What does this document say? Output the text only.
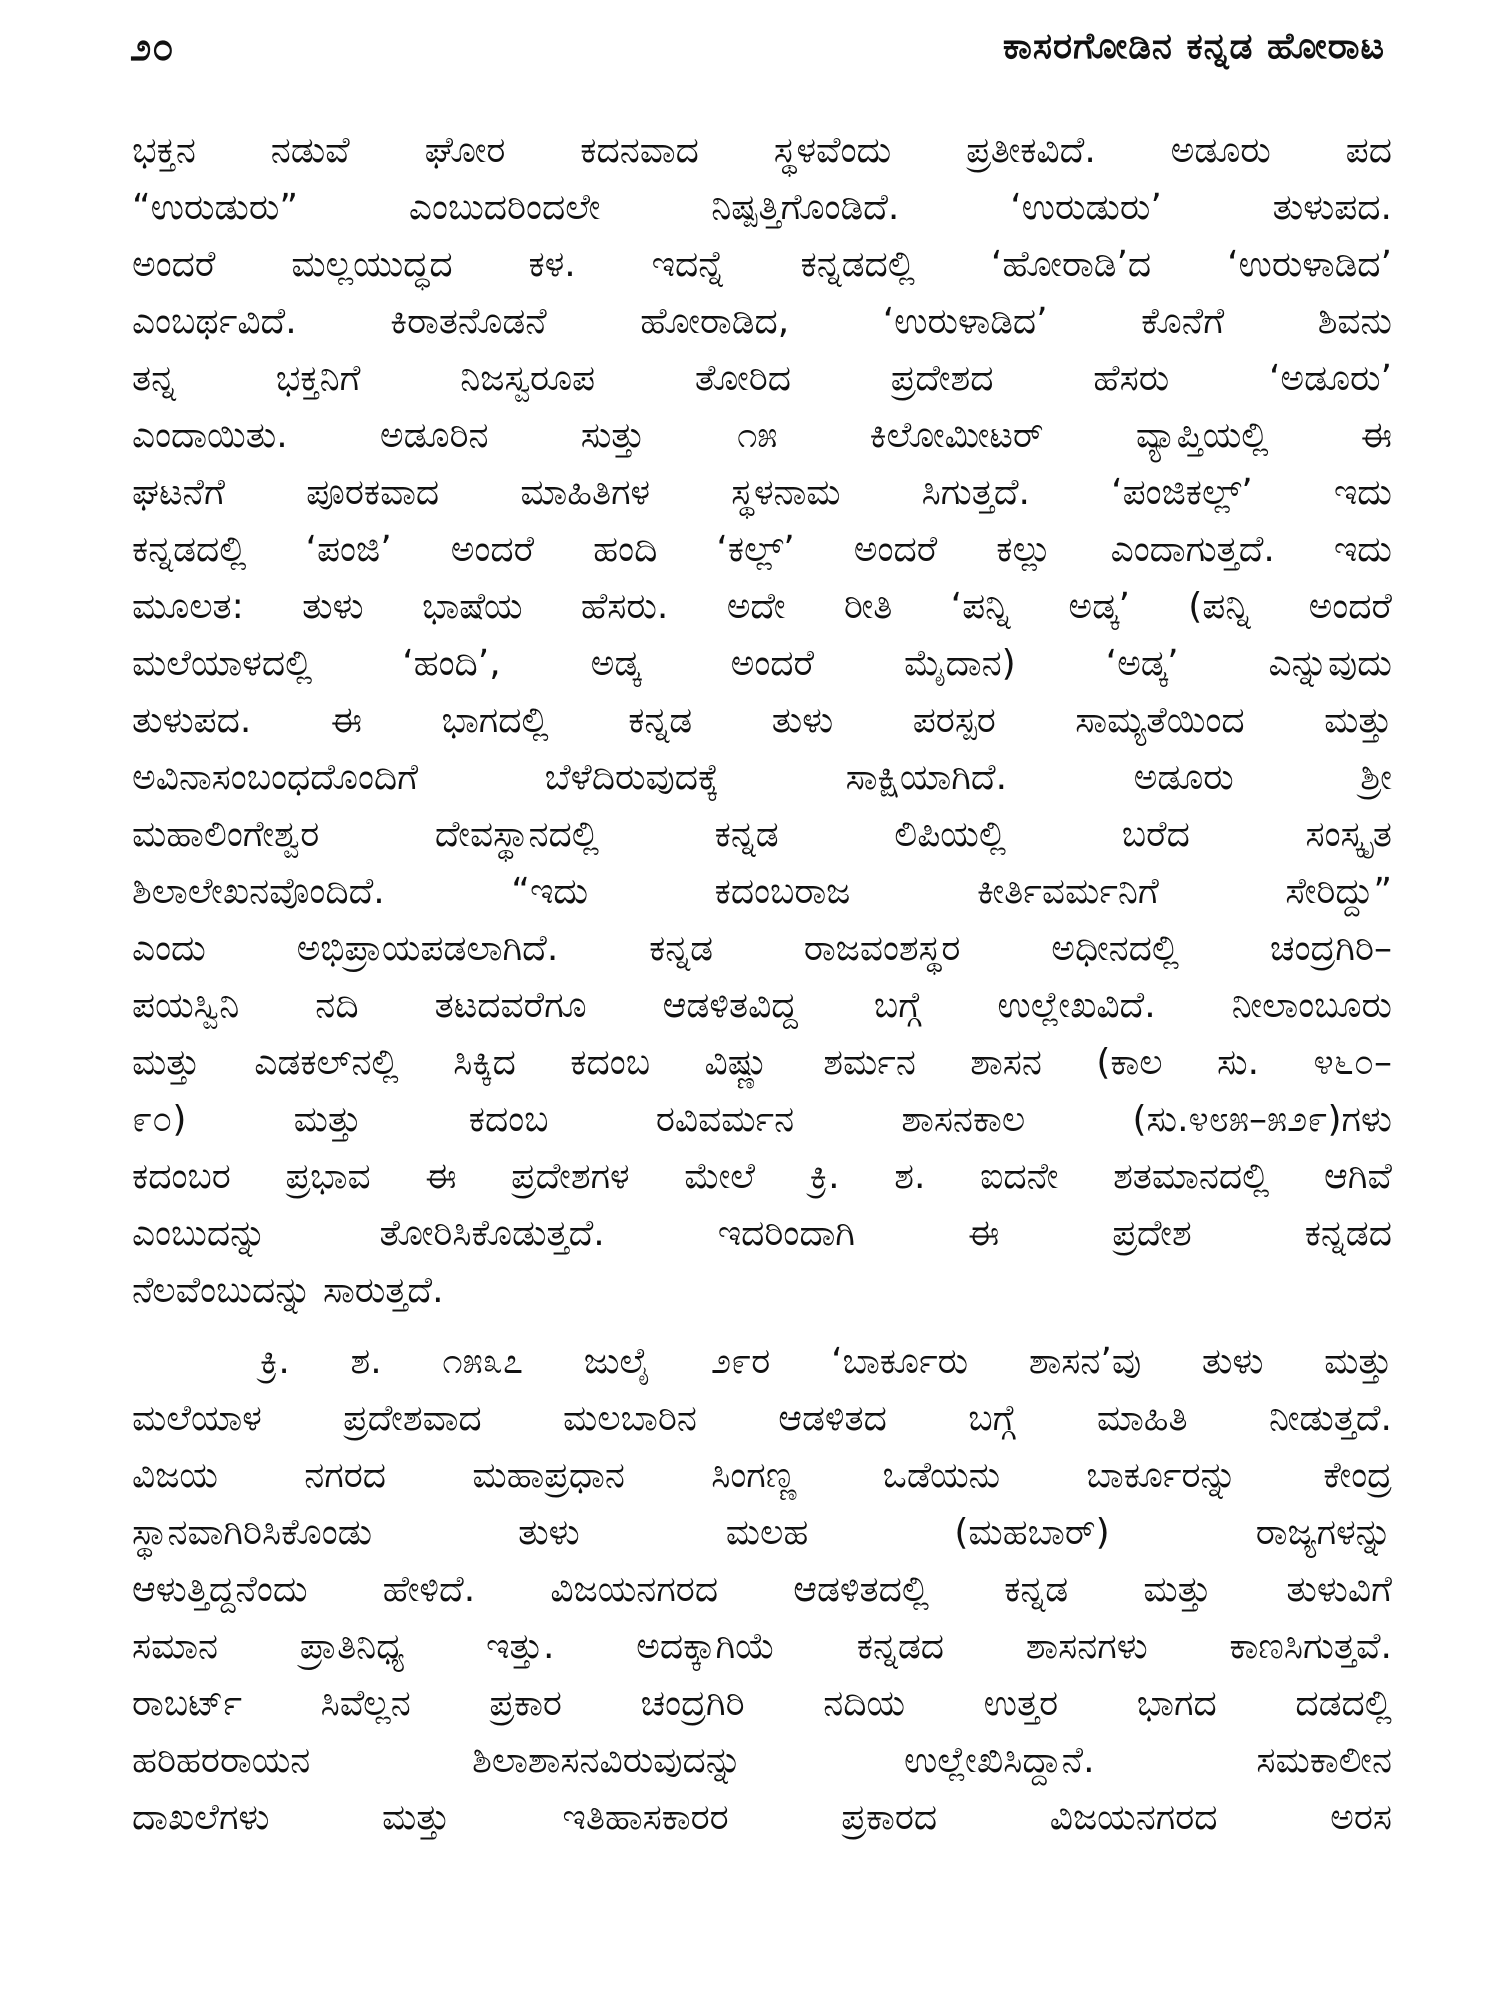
೨೦	ಕಾಸರಗೋಡಿನ ಕನ್ನಡ ಹೋರಾಟ
ಭಕ್ತನ ನಡುವೆ ಘೋರ ಕದನವಾದ ಸ್ಥಳವೆಂದು ಪ್ರತೀಕವಿದೆ. ಅಡೂರು ಪದ
“ಉರುಡುರು” ಎಂಬುದರಿಂದಲೇ ನಿಷ್ಪತ್ತಿಗೊಂಡಿದೆ. ‘ಉರುಡುರು’ ತುಳುಪದ.
ಅಂದರೆ ಮಲ್ಲಯುದ್ಧದ ಕಳ. ಇದನ್ನೆ ಕನ್ನಡದಲ್ಲಿ ‘ಹೋರಾಡಿ’ದ ‘ಉರುಳಾಡಿದ’
ಎಂಬರ್ಥವಿದೆ. ಕಿರಾತನೊಡನೆ ಹೋರಾಡಿದ, ‘ಉರುಳಾಡಿದ’ ಕೊನೆಗೆ ಶಿವನು
ತನ್ನ ಭಕ್ತನಿಗೆ ನಿಜಸ್ವರೂಪ ತೋರಿದ ಪ್ರದೇಶದ ಹೆಸರು ‘ಅಡೂರು’
ಎಂದಾಯಿತು. ಅಡೂರಿನ ಸುತ್ತು ೧೫ ಕಿಲೋಮೀಟರ್ ವ್ಯಾಪ್ತಿಯಲ್ಲಿ ಈ
ಘಟನೆಗೆ ಪೂರಕವಾದ ಮಾಹಿತಿಗಳ ಸ್ಥಳನಾಮ ಸಿಗುತ್ತದೆ. ‘ಪಂಜಿಕಲ್ಲ್’ ಇದು
ಕನ್ನಡದಲ್ಲಿ ‘ಪಂಜಿ’ ಅಂದರೆ ಹಂದಿ ‘ಕಲ್ಲ್’ ಅಂದರೆ ಕಲ್ಲು ಎಂದಾಗುತ್ತದೆ. ಇದು
ಮೂಲತ: ತುಳು ಭಾಷೆಯ ಹೆಸರು. ಅದೇ ರೀತಿ ‘ಪನ್ನಿ ಅಡ್ಕ’ (ಪನ್ನಿ ಅಂದರೆ
ಮಲೆಯಾಳದಲ್ಲಿ ‘ಹಂದಿ’, ಅಡ್ಕ ಅಂದರೆ ಮೈದಾನ) ‘ಅಡ್ಕ’ ಎನ್ನುವುದು
ತುಳುಪದ. ಈ ಭಾಗದಲ್ಲಿ ಕನ್ನಡ ತುಳು ಪರಸ್ಪರ ಸಾಮ್ಯತೆಯಿಂದ ಮತ್ತು
ಅವಿನಾಸಂಬಂಧದೊಂದಿಗೆ ಬೆಳೆದಿರುವುದಕ್ಕೆ ಸಾಕ್ಷಿಯಾಗಿದೆ. ಅಡೂರು ಶ್ರೀ
ಮಹಾಲಿಂಗೇಶ್ವರ ದೇವಸ್ಥಾನದಲ್ಲಿ ಕನ್ನಡ ಲಿಪಿಯಲ್ಲಿ ಬರೆದ ಸಂಸ್ಕೃತ
ಶಿಲಾಲೇಖನವೊಂದಿದೆ. “ಇದು ಕದಂಬರಾಜ ಕೀರ್ತಿವರ್ಮನಿಗೆ ಸೇರಿದ್ದು”
ಎಂದು ಅಭಿಪ್ರಾಯಪಡಲಾಗಿದೆ. ಕನ್ನಡ ರಾಜವಂಶಸ್ಥರ ಅಧೀನದಲ್ಲಿ ಚಂದ್ರಗಿರಿ–
ಪಯಸ್ವಿನಿ ನದಿ ತಟದವರೆಗೂ ಆಡಳಿತವಿದ್ದ ಬಗ್ಗೆ ಉಲ್ಲೇಖವಿದೆ. ನೀಲಾಂಬೂರು
ಮತ್ತು ಎಡಕಲ್‌ನಲ್ಲಿ ಸಿಕ್ಕಿದ ಕದಂಬ ವಿಷ್ಣು ಶರ್ಮನ ಶಾಸನ (ಕಾಲ ಸು. ೪೬೦–
೯೦) ಮತ್ತು ಕದಂಬ ರವಿವರ್ಮನ ಶಾಸನಕಾಲ (ಸು.೪೮೫–೫೨೯)ಗಳು
ಕದಂಬರ ಪ್ರಭಾವ ಈ ಪ್ರದೇಶಗಳ ಮೇಲೆ ಕ್ರಿ. ಶ. ಐದನೇ ಶತಮಾನದಲ್ಲಿ ಆಗಿವೆ
ಎಂಬುದನ್ನು ತೋರಿಸಿಕೊಡುತ್ತದೆ. ಇದರಿಂದಾಗಿ ಈ ಪ್ರದೇಶ ಕನ್ನಡದ
ನೆಲವೆಂಬುದನ್ನು ಸಾರುತ್ತದೆ.
ಕ್ರಿ. ಶ. ೧೫೩೭ ಜುಲೈ ೨೯ರ ‘ಬಾರ್ಕೂರು ಶಾಸನ’ವು ತುಳು ಮತ್ತು
ಮಲೆಯಾಳ ಪ್ರದೇಶವಾದ ಮಲಬಾರಿನ ಆಡಳಿತದ ಬಗ್ಗೆ ಮಾಹಿತಿ ನೀಡುತ್ತದೆ.
ವಿಜಯ ನಗರದ ಮಹಾಪ್ರಧಾನ ಸಿಂಗಣ್ಣ ಒಡೆಯನು ಬಾರ್ಕೂರನ್ನು ಕೇಂದ್ರ
ಸ್ಥಾನವಾಗಿರಿಸಿಕೊಂಡು ತುಳು ಮಲಹ (ಮಹಬಾರ್) ರಾಜ್ಯಗಳನ್ನು
ಆಳುತ್ತಿದ್ದನೆಂದು ಹೇಳಿದೆ. ವಿಜಯನಗರದ ಆಡಳಿತದಲ್ಲಿ ಕನ್ನಡ ಮತ್ತು ತುಳುವಿಗೆ
ಸಮಾನ ಪ್ರಾತಿನಿಧ್ಯ ಇತ್ತು. ಅದಕ್ಕಾಗಿಯೆ ಕನ್ನಡದ ಶಾಸನಗಳು ಕಾಣಸಿಗುತ್ತವೆ.
ರಾಬರ್ಟ್ ಸಿವೆಲ್ಲನ ಪ್ರಕಾರ ಚಂದ್ರಗಿರಿ ನದಿಯ ಉತ್ತರ ಭಾಗದ ದಡದಲ್ಲಿ
ಹರಿಹರರಾಯನ ಶಿಲಾಶಾಸನವಿರುವುದನ್ನು ಉಲ್ಲೇಖಿಸಿದ್ದಾನೆ. ಸಮಕಾಲೀನ
ದಾಖಲೆಗಳು ಮತ್ತು ಇತಿಹಾಸಕಾರರ ಪ್ರಕಾರದ ವಿಜಯನಗರದ ಅರಸ
